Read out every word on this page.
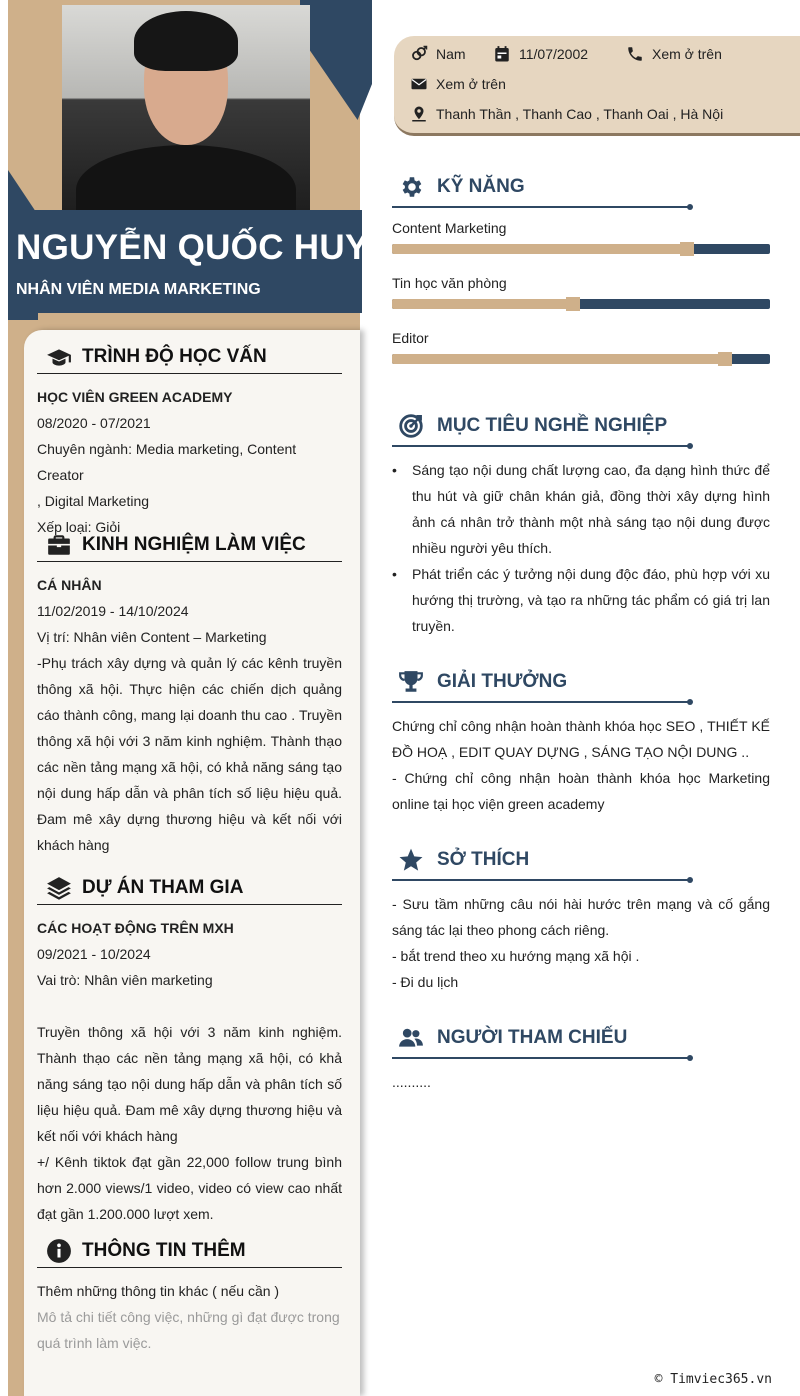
NGUYỄN QUỐC HUY
NHÂN VIÊN MEDIA MARKETING
TRÌNH ĐỘ HỌC VẤN

HỌC VIÊN GREEN ACADEMY

08/2020 - 07/2021

Chuyên ngành: Media marketing, Content Creator

, Digital Marketing

Xếp loại: Giỏi

KINH NGHIỆM LÀM VIỆC

CÁ NHÂN

11/02/2019 - 14/10/2024

Vị trí: Nhân viên Content – Marketing

-Phụ trách xây dựng và quản lý các kênh truyền thông xã hội. Thực hiện các chiến dịch quảng cáo thành công, mang lại doanh thu cao . Truyền thông xã hội với 3 năm kinh nghiệm. Thành thạo các nền tảng mạng xã hội, có khả năng sáng tạo nội dung hấp dẫn và phân tích số liệu hiệu quả. Đam mê xây dựng thương hiệu và kết nối với khách hàng

DỰ ÁN THAM GIA

CÁC HOẠT ĐỘNG TRÊN MXH

09/2021 - 10/2024

Vai trò: Nhân viên marketing

Truyền thông xã hội với 3 năm kinh nghiệm. Thành thạo các nền tảng mạng xã hội, có khả năng sáng tạo nội dung hấp dẫn và phân tích số liệu hiệu quả. Đam mê xây dựng thương hiệu và kết nối với khách hàng

+/ Kênh tiktok đạt gần 22,000 follow trung bình hơn 2.000 views/1 video, video có view cao nhất đạt gần 1.200.000 lượt xem.

THÔNG TIN THÊM

Thêm những thông tin khác ( nếu cần )

Mô tả chi tiết công việc, những gì đạt được trong quá trình làm việc.

Nam	11/07/2002	Xem ở trên
Xem ở trên
Thanh Thần , Thanh Cao , Thanh Oai , Hà Nội
KỸ NĂNG
Content Marketing
Tin học văn phòng
Editor
MỤC TIÊU NGHỀ NGHIỆP
•	Sáng tạo nội dung chất lượng cao, đa dạng hình thức để thu hút và giữ chân khán giả, đồng thời xây dựng hình ảnh cá nhân trở thành một nhà sáng tạo nội dung được nhiều người yêu thích.
•	Phát triển các ý tưởng nội dung độc đáo, phù hợp với xu hướng thị trường, và tạo ra những tác phẩm có giá trị lan truyền.
GIẢI THƯỞNG

Chứng chỉ công nhận hoàn thành khóa học SEO , THIẾT KẾ ĐỒ HOẠ , EDIT QUAY DỰNG , SÁNG TẠO NỘI DUNG ..

- Chứng chỉ công nhận hoàn thành khóa học Marketing online tại học viện green academy

SỞ THÍCH

- Sưu tầm những câu nói hài hước trên mạng và cố gắng sáng tác lại theo phong cách riêng.

- bắt trend theo xu hướng mạng xã hội .

- Đi du lịch

NGƯỜI THAM CHIẾU

..........

© Timviec365.vn
